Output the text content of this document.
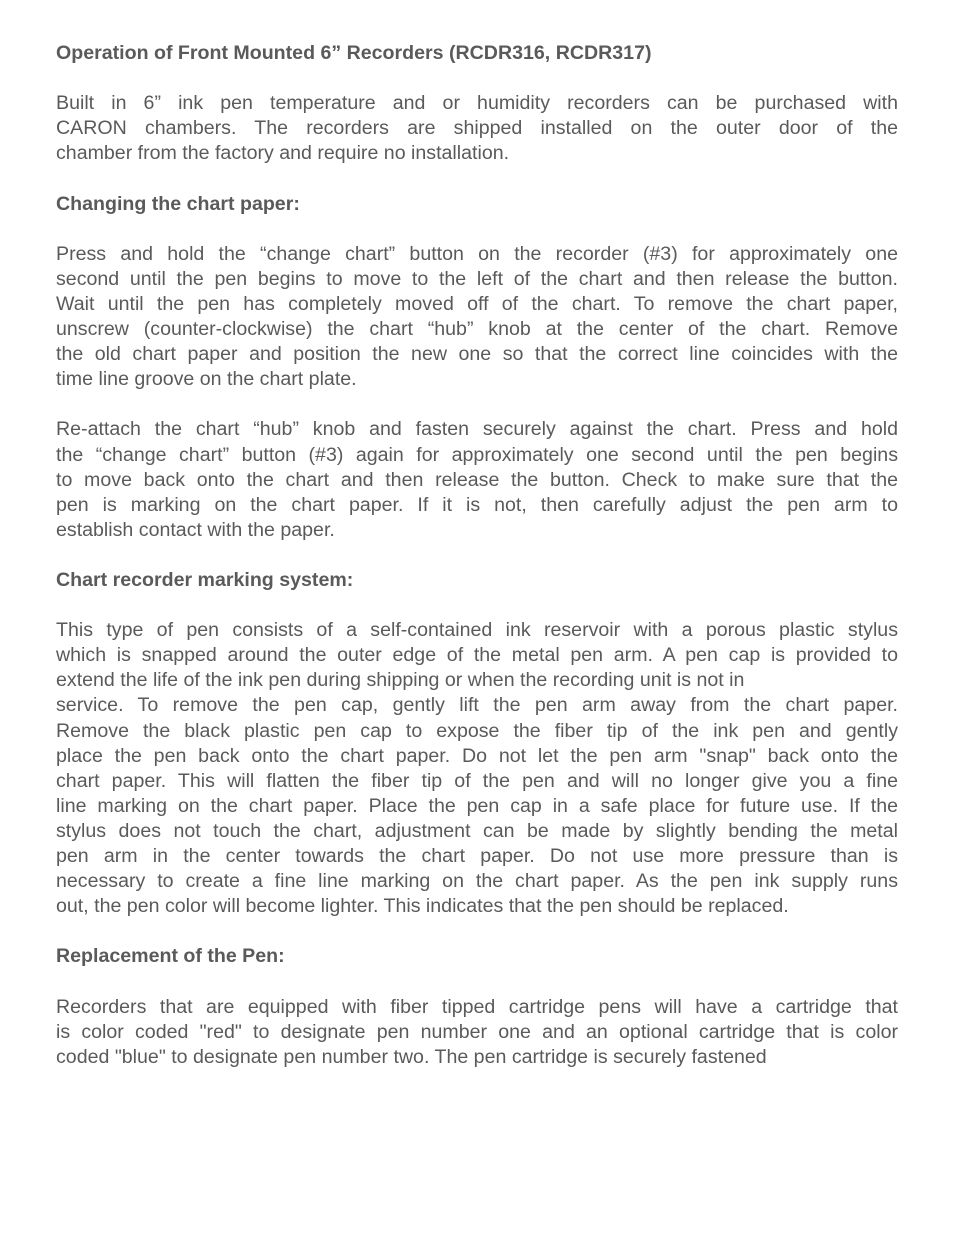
Operation of Front Mounted 6” Recorders (RCDR316, RCDR317)
Built in 6” ink pen temperature and or humidity recorders can be purchased with
CARON chambers. The recorders are shipped installed on the outer door of the
chamber from the factory and require no installation.
Changing the chart paper:
Press and hold the “change chart” button on the recorder (#3) for approximately one
second until the pen begins to move to the left of the chart and then release the button.
Wait until the pen has completely moved off of the chart. To remove the chart paper,
unscrew (counter-clockwise) the chart “hub” knob at the center of the chart. Remove
the old chart paper and position the new one so that the correct line coincides with the
time line groove on the chart plate.
Re-attach the chart “hub” knob and fasten securely against the chart. Press and hold
the “change chart” button (#3) again for approximately one second until the pen begins
to move back onto the chart and then release the button. Check to make sure that the
pen is marking on the chart paper. If it is not, then carefully adjust the pen arm to
establish contact with the paper.
Chart recorder marking system:
This type of pen consists of a self-contained ink reservoir with a porous plastic stylus
which is snapped around the outer edge of the metal pen arm. A pen cap is provided to
extend the life of the ink pen during shipping or when the recording unit is not in
service. To remove the pen cap, gently lift the pen arm away from the chart paper.
Remove the black plastic pen cap to expose the fiber tip of the ink pen and gently
place the pen back onto the chart paper. Do not let the pen arm "snap" back onto the
chart paper. This will flatten the fiber tip of the pen and will no longer give you a fine
line marking on the chart paper. Place the pen cap in a safe place for future use. If the
stylus does not touch the chart, adjustment can be made by slightly bending the metal
pen arm in the center towards the chart paper. Do not use more pressure than is
necessary to create a fine line marking on the chart paper. As the pen ink supply runs
out, the pen color will become lighter. This indicates that the pen should be replaced.
Replacement of the Pen:
Recorders that are equipped with fiber tipped cartridge pens will have a cartridge that
is color coded "red" to designate pen number one and an optional cartridge that is color
coded "blue" to designate pen number two. The pen cartridge is securely fastened
